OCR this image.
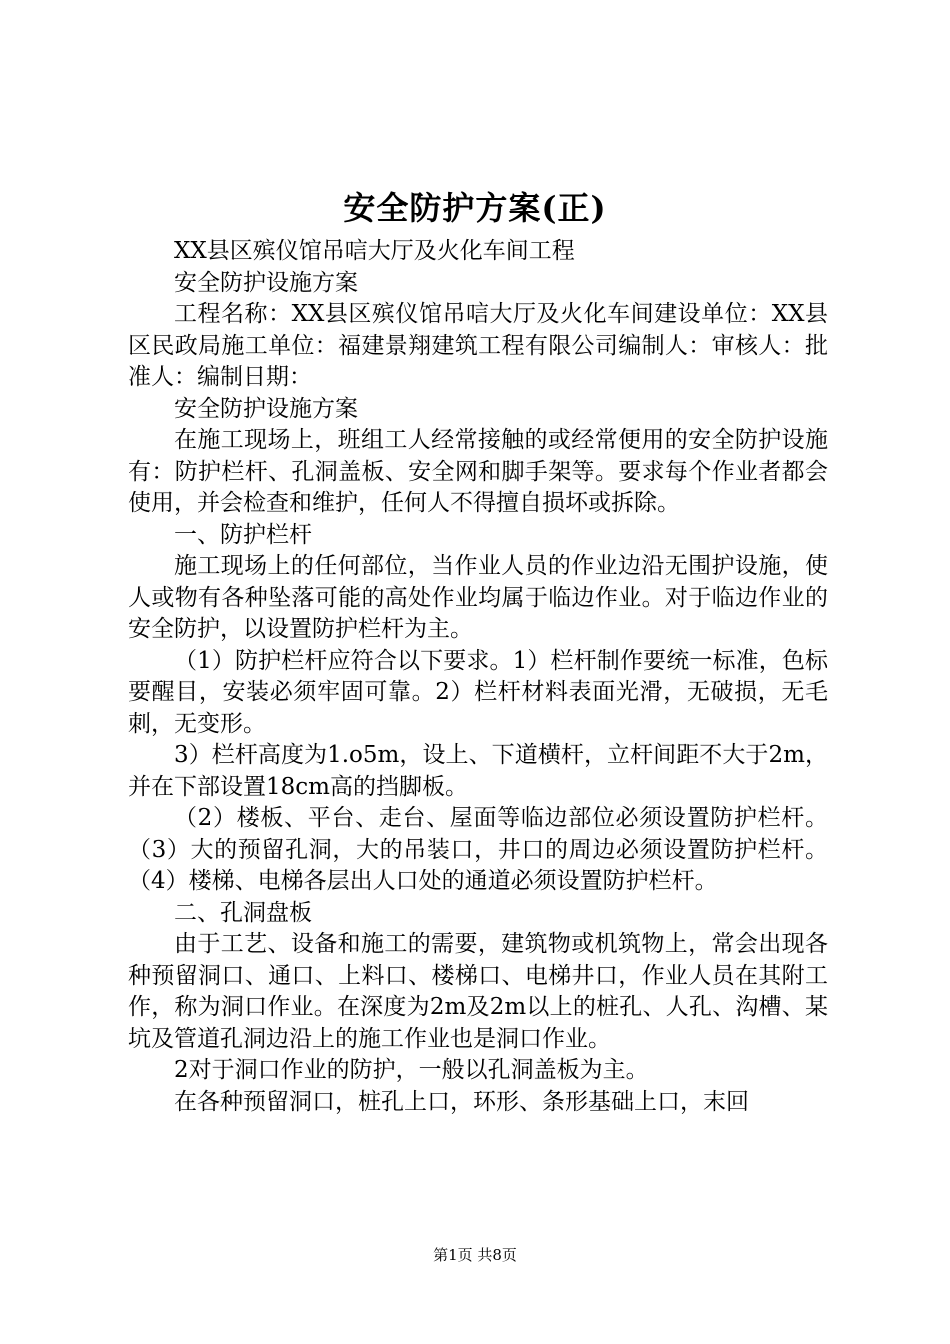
安全防护方案(正)

XX县区殡仪馆吊唁大厅及火化车间工程

安全防护设施方案

工程名称：XX县区殡仪馆吊唁大厅及火化车间建设单位：XX县区民政局施工单位：福建景翔建筑工程有限公司编制人：审核人：批准人：编制日期：

安全防护设施方案

在施工现场上，班组工人经常接触的或经常便用的安全防护设施有：防护栏杆、孔洞盖板、安全网和脚手架等。要求每个作业者都会使用，并会检查和维护，任何人不得擅自损坏或拆除。

一、防护栏杆

施工现场上的任何部位，当作业人员的作业边沿无围护设施，使人或物有各种坠落可能的高处作业均属于临边作业。对于临边作业的安全防护，以设置防护栏杆为主。

（1）防护栏杆应符合以下要求。1）栏杆制作要统一标准，色标要醒目，安装必须牢固可靠。2）栏杆材料表面光滑，无破损，无毛刺，无变形。

3）栏杆高度为1.o5m，设上、下道横杆，立杆间距不大于2m，并在下部设置18cm高的挡脚板。

（2）楼板、平台、走台、屋面等临边部位必须设置防护栏杆。（3）大的预留孔洞，大的吊装口，井口的周边必须设置防护栏杆。（4）楼梯、电梯各层出人口处的通道必须设置防护栏杆。

二、孔洞盘板

由于工艺、设备和施工的需要，建筑物或机筑物上，常会出现各种预留洞口、通口、上料口、楼梯口、电梯井口，作业人员在其附工作，称为洞口作业。在深度为2m及2m以上的桩孔、人孔、沟槽、某坑及管道孔洞边沿上的施工作业也是洞口作业。

2对于洞口作业的防护，一般以孔洞盖板为主。

在各种预留洞口，桩孔上口，环形、条形基础上口，末回

第1页 共8页
